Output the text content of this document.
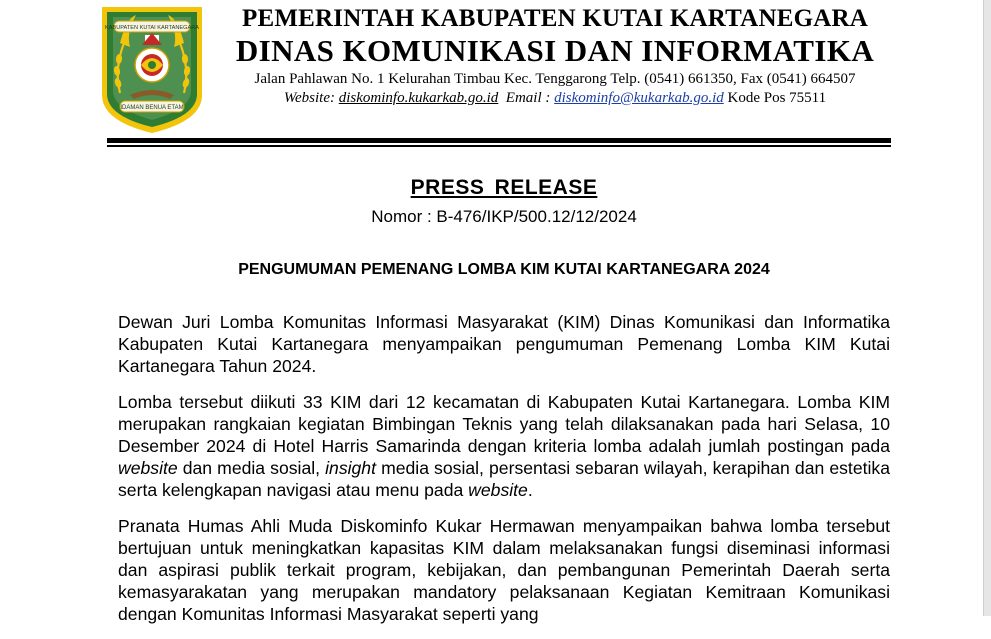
KABUPATEN KUTAI KARTANEGARA
IDAMAN BENUA ETAM
PEMERINTAH KABUPATEN KUTAI KARTANEGARA
DINAS KOMUNIKASI DAN INFORMATIKA
Jalan Pahlawan No. 1 Kelurahan Timbau Kec. Tenggarong Telp. (0541) 661350, Fax (0541) 664507
Website: diskominfo.kukarkab.go.id Email : diskominfo@kukarkab.go.id Kode Pos 75511
PRESS RELEASE
Nomor : B-476/IKP/500.12/12/2024
PENGUMUMAN PEMENANG LOMBA KIM KUTAI KARTANEGARA 2024

Dewan Juri Lomba Komunitas Informasi Masyarakat (KIM) Dinas Komunikasi dan Informatika Kabupaten Kutai Kartanegara menyampaikan pengumuman Pemenang Lomba KIM Kutai Kartanegara Tahun 2024.

Lomba tersebut diikuti 33 KIM dari 12 kecamatan di Kabupaten Kutai Kartanegara. Lomba KIM merupakan rangkaian kegiatan Bimbingan Teknis yang telah dilaksanakan pada hari Selasa, 10 Desember 2024 di Hotel Harris Samarinda dengan kriteria lomba adalah jumlah postingan pada website dan media sosial, insight media sosial, persentasi sebaran wilayah, kerapihan dan estetika serta kelengkapan navigasi atau menu pada website.

Pranata Humas Ahli Muda Diskominfo Kukar Hermawan menyampaikan bahwa lomba tersebut bertujuan untuk meningkatkan kapasitas KIM dalam melaksanakan fungsi diseminasi informasi dan aspirasi publik terkait program, kebijakan, dan pembangunan Pemerintah Daerah serta kemasyarakatan yang merupakan mandatory pelaksanaan Kegiatan Kemitraan Komunikasi dengan Komunitas Informasi Masyarakat seperti yang
